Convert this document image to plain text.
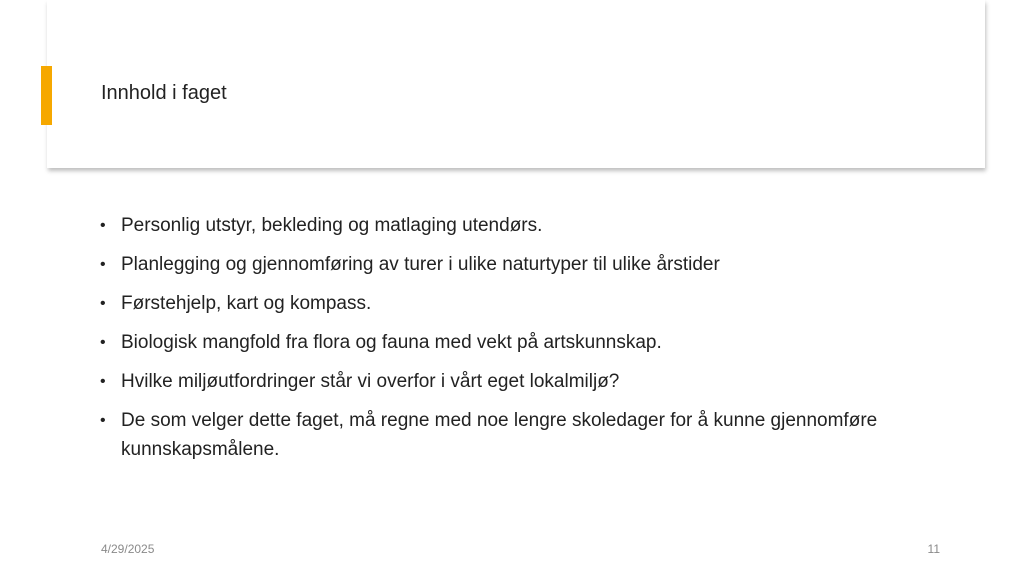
Innhold i faget
• Personlig utstyr, bekleding og matlaging utendørs.
• Planlegging og gjennomføring av turer i ulike naturtyper til ulike årstider
• Førstehjelp, kart og kompass.
• Biologisk mangfold fra flora og fauna med vekt på artskunnskap.
• Hvilke miljøutfordringer står vi overfor i vårt eget lokalmiljø?
• De som velger dette faget, må regne med noe lengre skoledager for å kunne gjennomføre kunnskapsmålene.
4/29/2025	11
